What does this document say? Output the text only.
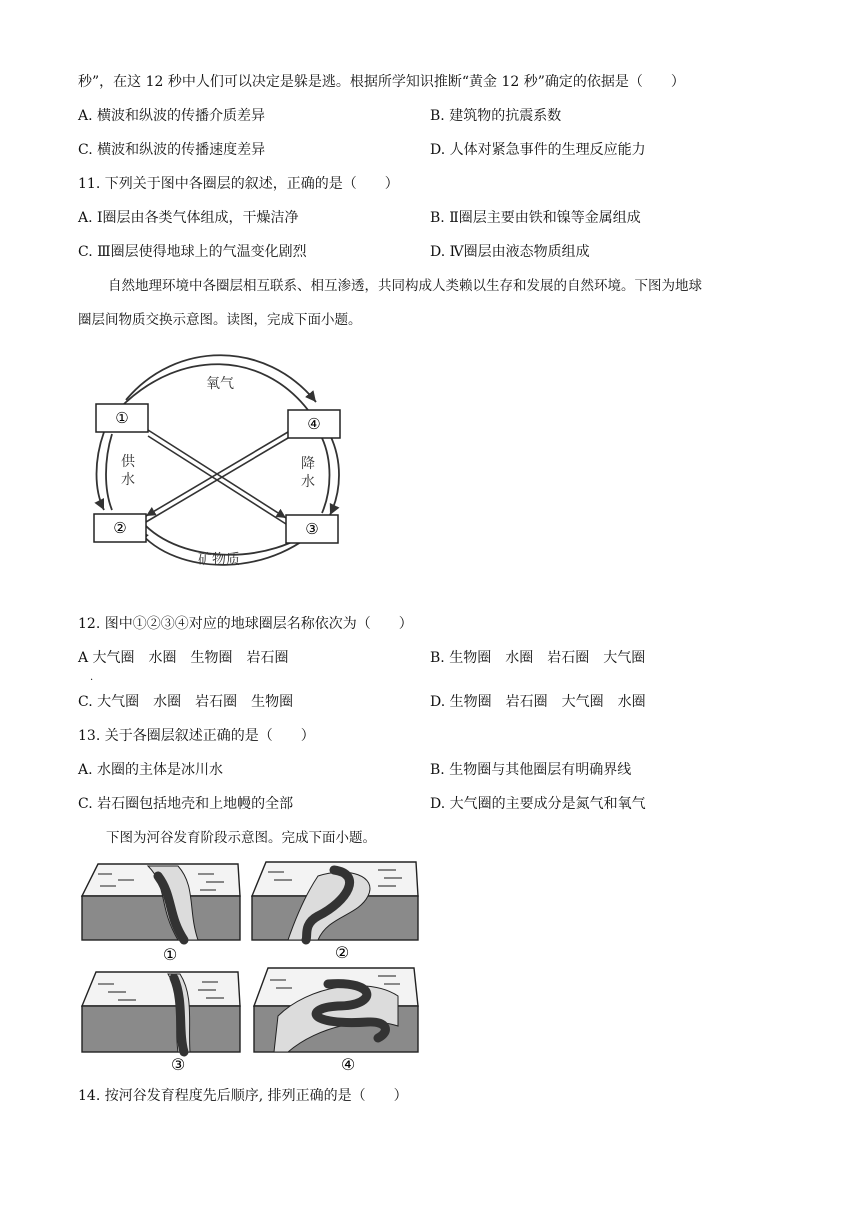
秒”，在这 12 秒中人们可以决定是躲是逃。根据所学知识推断“黄金 12 秒”确定的依据是（　　）
A. 横波和纵波的传播介质差异	B. 建筑物的抗震系数
C. 横波和纵波的传播速度差异	D. 人体对紧急事件的生理反应能力
11. 下列关于图中各圈层的叙述，正确的是（　　）
A. Ⅰ圈层由各类气体组成，干燥洁净	B. Ⅱ圈层主要由铁和镍等金属组成
C. Ⅲ圈层使得地球上的气温变化剧烈	D. Ⅳ圈层由液态物质组成
自然地理环境中各圈层相互联系、相互渗透，共同构成人类赖以生存和发展的自然环境。下图为地球
圈层间物质交换示意图。读图，完成下面小题。
①	④
②	③
氧气
矿物质
供
水
降
水
12. 图中①②③④对应的地球圈层名称依次为（　　）
A 大气圈　水圈　生物圈　岩石圈	B. 生物圈　水圈　岩石圈　大气圈
.
C. 大气圈　水圈　岩石圈　生物圈	D. 生物圈　岩石圈　大气圈　水圈
13. 关于各圈层叙述正确的是（　　）
A. 水圈的主体是冰川水	B. 生物圈与其他圈层有明确界线
C. 岩石圈包括地壳和上地幔的全部	D. 大气圈的主要成分是氮气和氧气
下图为河谷发育阶段示意图。完成下面小题。
①	②
③	④
14. 按河谷发育程度先后顺序, 排列正确的是（　　）
